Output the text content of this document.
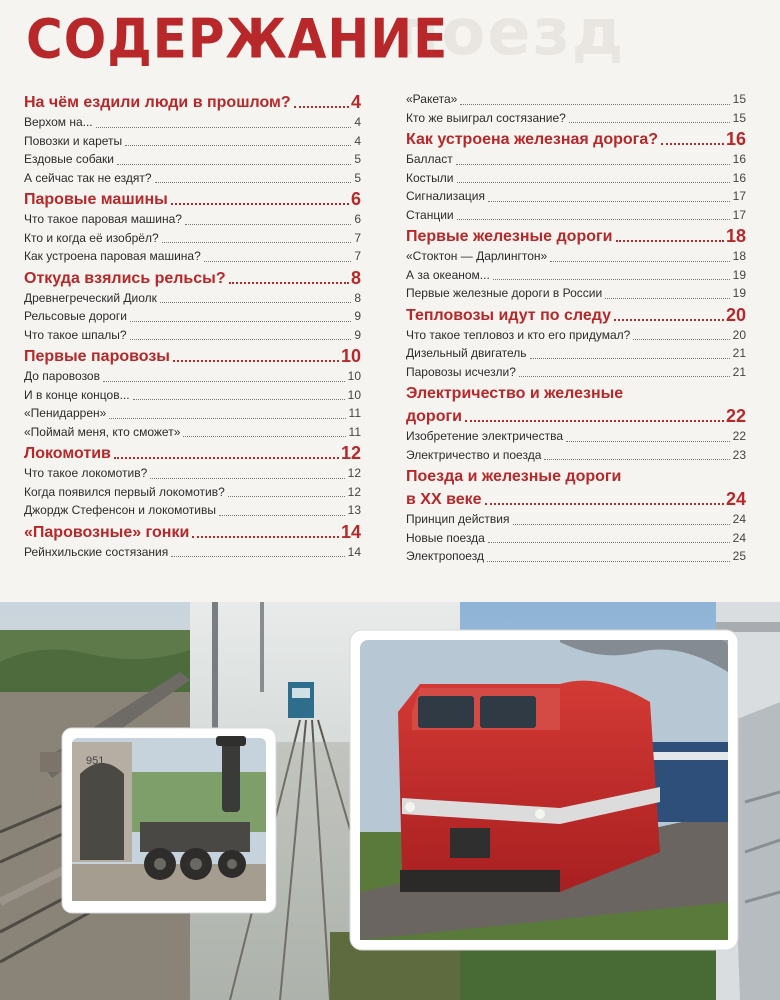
поезд
СОДЕРЖАНИЕ
На чём ездили люди в прошлом?	4
Верхом на...	4
Повозки и кареты	4
Ездовые собаки	5
А сейчас так не ездят?	5
Паровые машины	6
Что такое паровая машина?	6
Кто и когда её изобрёл?	7
Как устроена паровая машина?	7
Откуда взялись рельсы?	8
Древнегреческий Диолк	8
Рельсовые дороги	9
Что такое шпалы?	9
Первые паровозы	10
До паровозов	10
И в конце концов...	10
«Пенидаррен»	11
«Поймай меня, кто сможет»	11
Локомотив	12
Что такое локомотив?	12
Когда появился первый локомотив?	12
Джордж Стефенсон и локомотивы	13
«Паровозные» гонки	14
Рейнхильские состязания	14
«Ракета»	15
Кто же выиграл состязание?	15
Как устроена железная дорога?	16
Балласт	16
Костыли	16
Сигнализация	17
Станции	17
Первые железные дороги	18
«Стоктон — Дарлингтон»	18
А за океаном...	19
Первые железные дороги в России	19
Тепловозы идут по следу	20
Что такое тепловоз и кто его придумал?	20
Дизельный двигатель	21
Паровозы исчезли?	21
Электричество и железные
дороги	22
Изобретение электричества	22
Электричество и поезда	23
Поезда и железные дороги
в XX веке	24
Принцип действия	24
Новые поезда	24
Электропоезд	25
951
